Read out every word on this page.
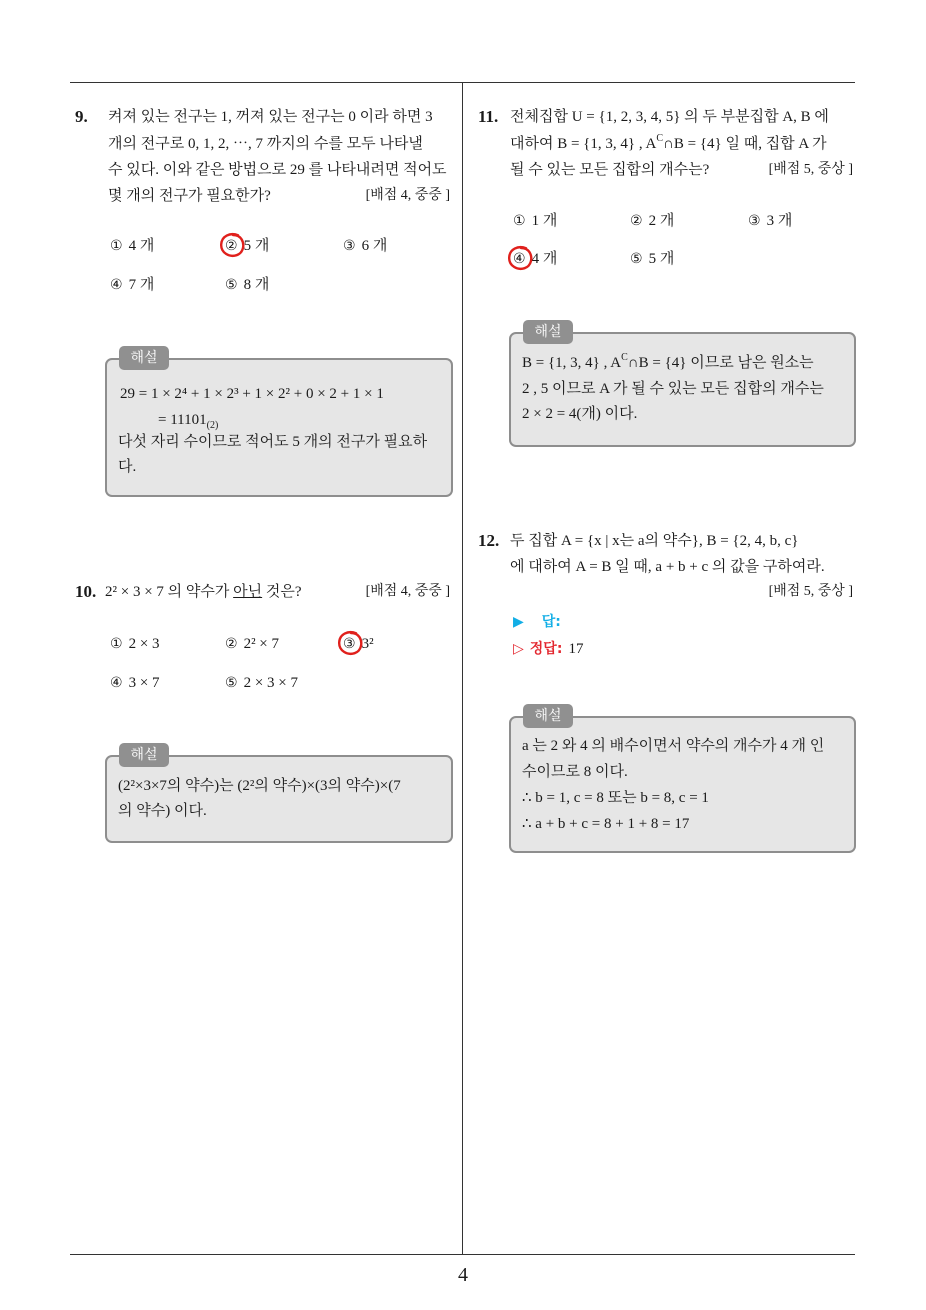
9. 켜져 있는 전구는 1, 꺼져 있는 전구는 0 이라 하면 3
개의 전구로 0, 1, 2, ⋯, 7 까지의 수를 모두 나타낼
수 있다. 이와 같은 방법으로 29 를 나타내려면 적어도
몇 개의 전구가 필요한가?	[배점 4, 중중 ]
① 4 개	② 5 개	③ 6 개
④ 7 개	⑤ 8 개
해설
29 = 1 × 2⁴ + 1 × 2³ + 1 × 2² + 0 × 2 + 1 × 1
= $11101_{(2)}$
다섯 자리 수이므로 적어도 5 개의 전구가 필요하
다.
10. 2² × 3 × 7 의 약수가 아닌 것은?	[배점 4, 중중 ]
① 2 × 3	② 2² × 7	③ 3²
④ 3 × 7	⑤ 2 × 3 × 7
해설
(2²×3×7의 약수)는 (2²의 약수)×(3의 약수)×(7
의 약수) 이다.
11. 전체집합 U = {1, 2, 3, 4, 5} 의 두 부분집합 A, B 에
대하여 B = {1, 3, 4} , $A^C\cap B = \{4\}$ 일 때, 집합 A 가
될 수 있는 모든 집합의 개수는?	[배점 5, 중상 ]
① 1 개	② 2 개	③ 3 개
④ 4 개	⑤ 5 개
해설
B = {1, 3, 4} , $A^C\cap B = \{4\}$ 이므로 남은 원소는
2 , 5 이므로 A 가 될 수 있는 모든 집합의 개수는
2 × 2 = 4(개) 이다.
12. 두 집합 A = {x | x는 a의 약수}, B = {2, 4, b, c}
에 대하여 A = B 일 때, a + b + c 의 값을 구하여라.
[배점 5, 중상 ]
▶ 답:
▷ 정답: 17
해설
a 는 2 와 4 의 배수이면서 약수의 개수가 4 개 인
수이므로 8 이다.
∴ b = 1, c = 8 또는 b = 8, c = 1
∴ a + b + c = 8 + 1 + 8 = 17
4
